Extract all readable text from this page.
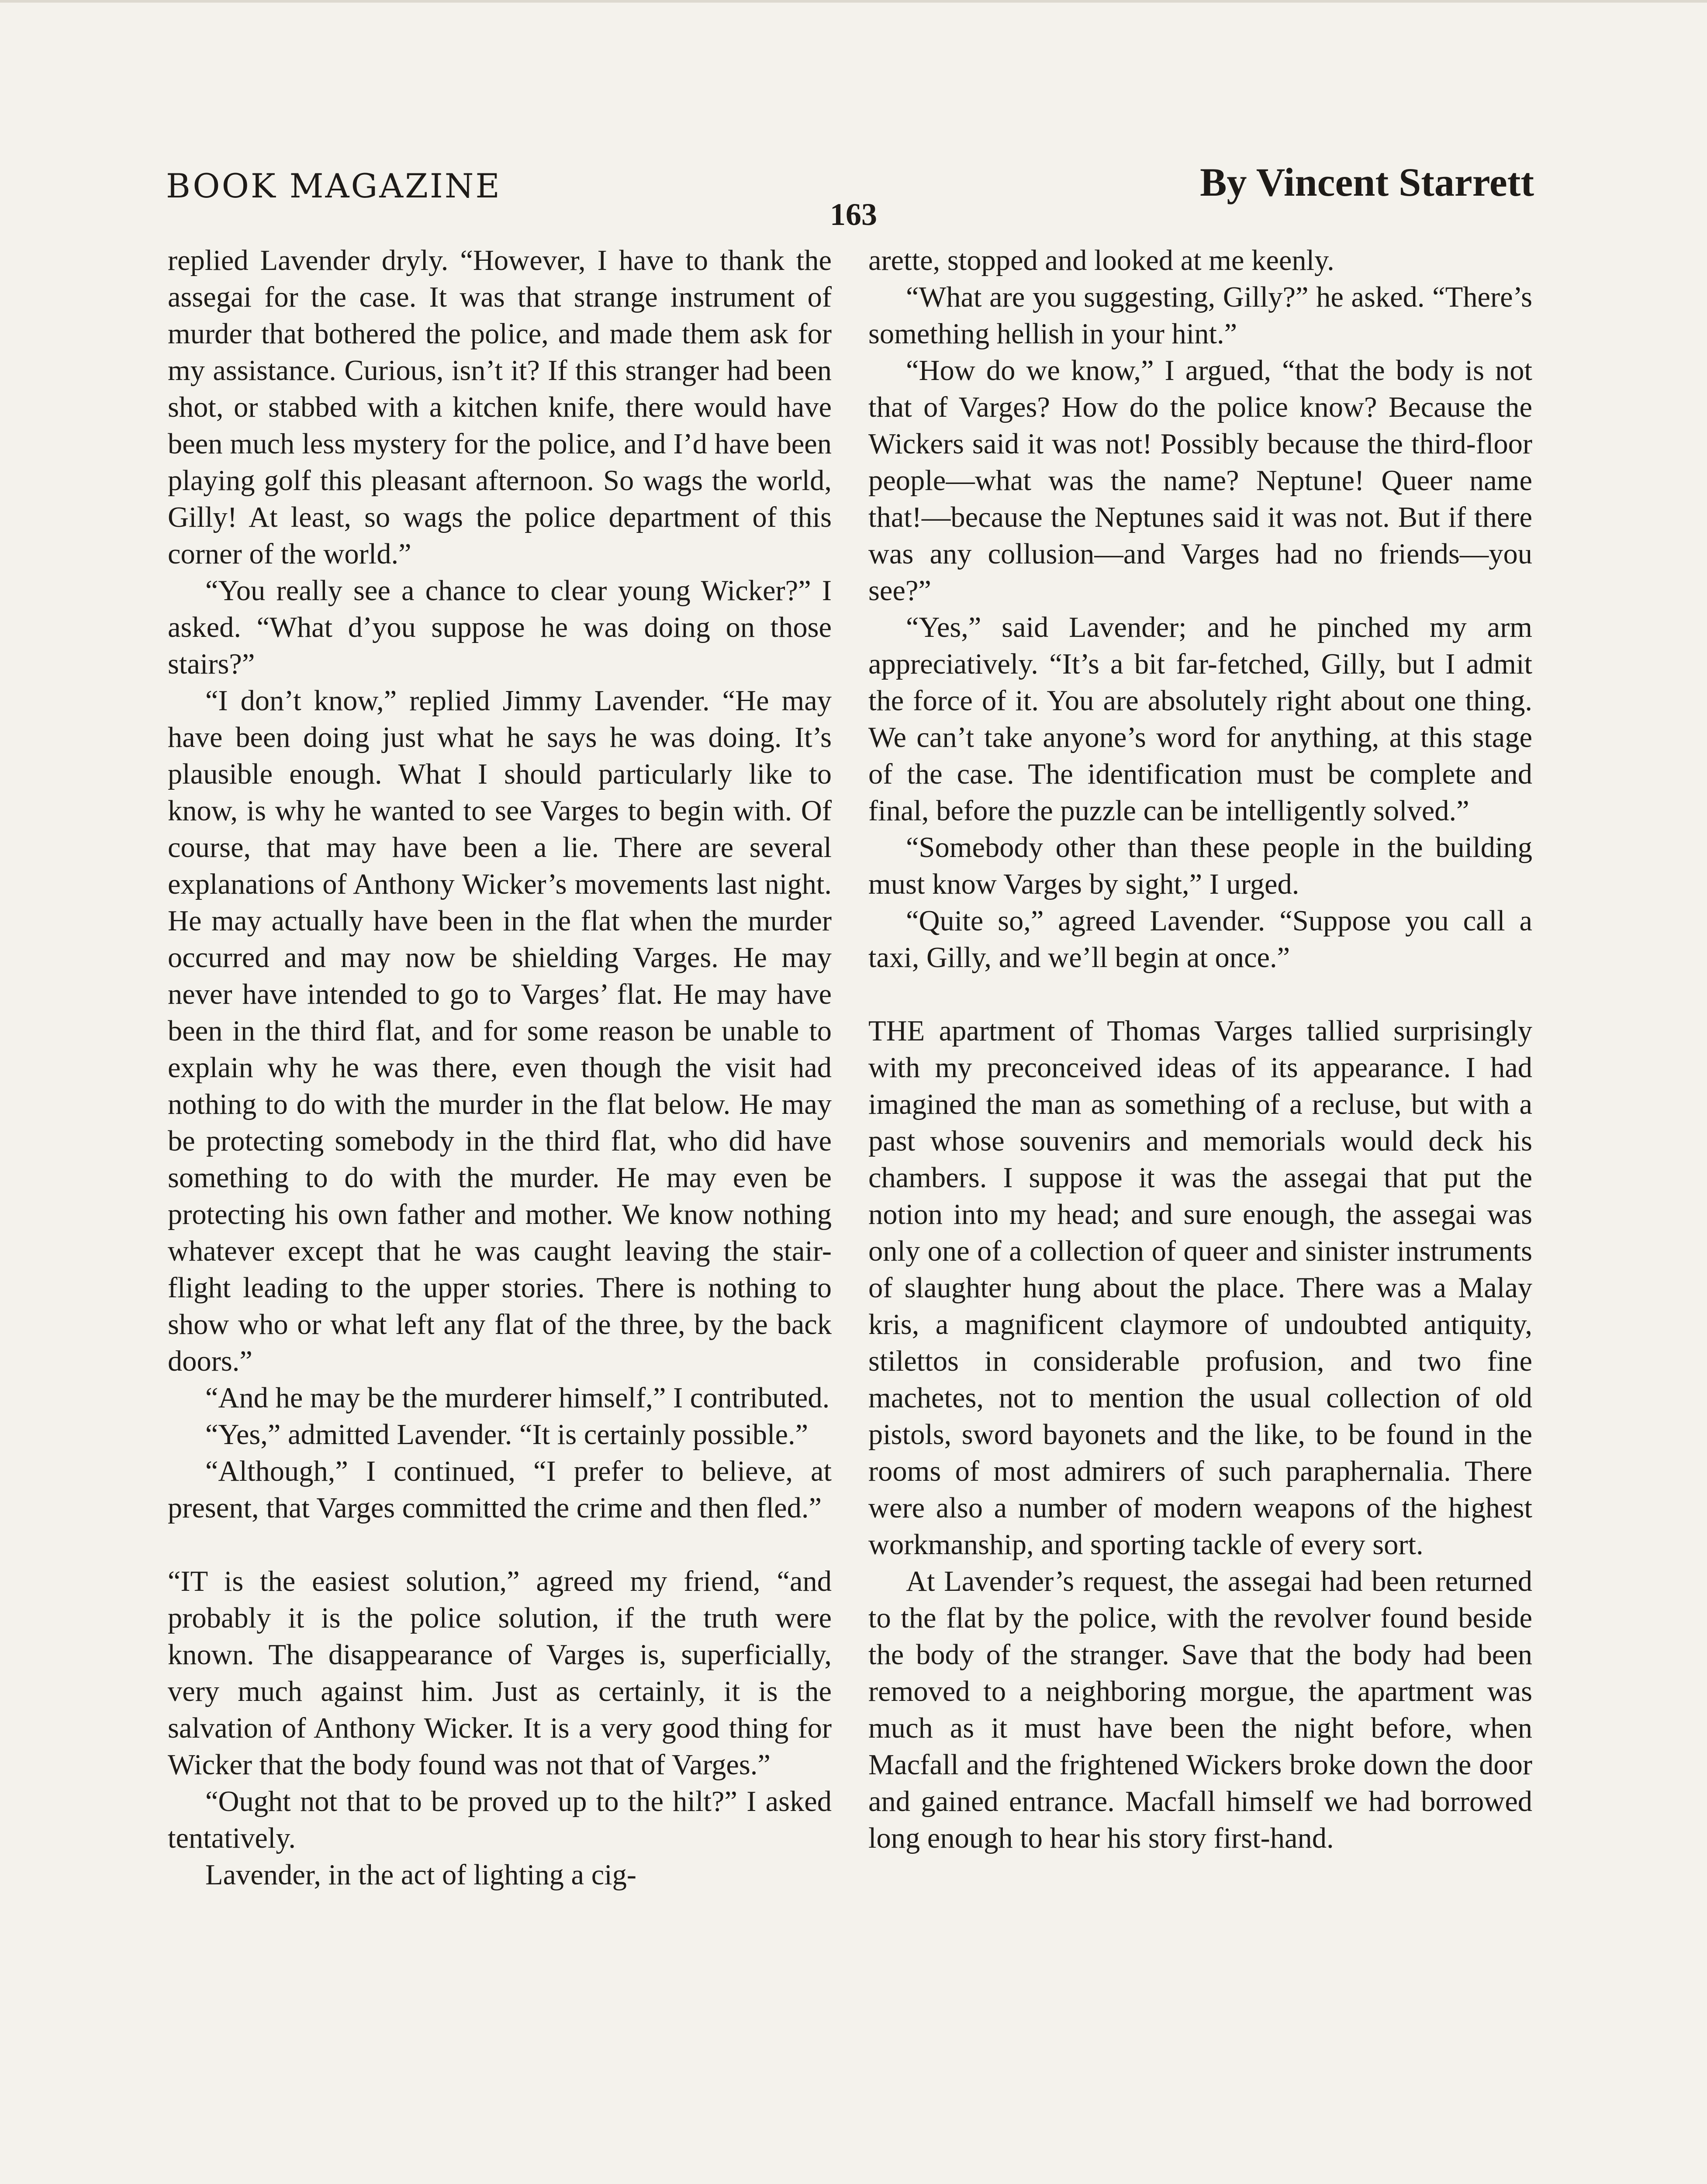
BOOK MAGAZINE	By Vincent Starrett
163

replied Lavender dryly. “However, I have to thank the assegai for the case. It was that strange instrument of murder that bothered the police, and made them ask for my assistance. Curious, isn’t it? If this stranger had been shot, or stabbed with a kitchen knife, there would have been much less mystery for the police, and I’d have been playing golf this pleasant afternoon. So wags the world, Gilly! At least, so wags the police department of this corner of the world.”

“You really see a chance to clear young Wicker?” I asked. “What d’you suppose he was doing on those stairs?”

“I don’t know,” replied Jimmy Lavender. “He may have been doing just what he says he was doing. It’s plausible enough. What I should particularly like to know, is why he wanted to see Varges to begin with. Of course, that may have been a lie. There are several explanations of Anthony Wicker’s movements last night. He may actually have been in the flat when the murder occurred and may now be shielding Varges. He may never have intended to go to Varges’ flat. He may have been in the third flat, and for some reason be unable to explain why he was there, even though the visit had nothing to do with the murder in the flat below. He may be protecting somebody in the third flat, who did have something to do with the murder. He may even be protecting his own father and mother. We know nothing whatever except that he was caught leaving the stair-flight leading to the upper stories. There is nothing to show who or what left any flat of the three, by the back doors.”

“And he may be the murderer himself,” I contributed.

“Yes,” admitted Lavender. “It is certainly possible.”

“Although,” I continued, “I prefer to believe, at present, that Varges committed the crime and then fled.”

“IT is the easiest solution,” agreed my friend, “and probably it is the police solution, if the truth were known. The disappearance of Varges is, superficially, very much against him. Just as certainly, it is the salvation of Anthony Wicker. It is a very good thing for Wicker that the body found was not that of Varges.”

“Ought not that to be proved up to the hilt?” I asked tentatively.

Lavender, in the act of lighting a cig-

arette, stopped and looked at me keenly.

“What are you suggesting, Gilly?” he asked. “There’s something hellish in your hint.”

“How do we know,” I argued, “that the body is not that of Varges? How do the police know? Because the Wickers said it was not! Possibly because the third-floor people—what was the name? Neptune! Queer name that!—because the Neptunes said it was not. But if there was any collusion—and Varges had no friends—you see?”

“Yes,” said Lavender; and he pinched my arm appreciatively. “It’s a bit far-fetched, Gilly, but I admit the force of it. You are absolutely right about one thing. We can’t take anyone’s word for anything, at this stage of the case. The identification must be complete and final, before the puzzle can be intelligently solved.”

“Somebody other than these people in the building must know Varges by sight,” I urged.

“Quite so,” agreed Lavender. “Suppose you call a taxi, Gilly, and we’ll begin at once.”

THE apartment of Thomas Varges tallied surprisingly with my preconceived ideas of its appearance. I had imagined the man as something of a recluse, but with a past whose souvenirs and memorials would deck his chambers. I suppose it was the assegai that put the notion into my head; and sure enough, the assegai was only one of a collection of queer and sinister instruments of slaughter hung about the place. There was a Malay kris, a magnificent claymore of undoubted antiquity, stilettos in considerable profusion, and two fine machetes, not to mention the usual collection of old pistols, sword bayonets and the like, to be found in the rooms of most admirers of such paraphernalia. There were also a number of modern weapons of the highest workmanship, and sporting tackle of every sort.

At Lavender’s request, the assegai had been returned to the flat by the police, with the revolver found beside the body of the stranger. Save that the body had been removed to a neighboring morgue, the apartment was much as it must have been the night before, when Macfall and the frightened Wickers broke down the door and gained entrance. Macfall himself we had borrowed long enough to hear his story first-hand.
